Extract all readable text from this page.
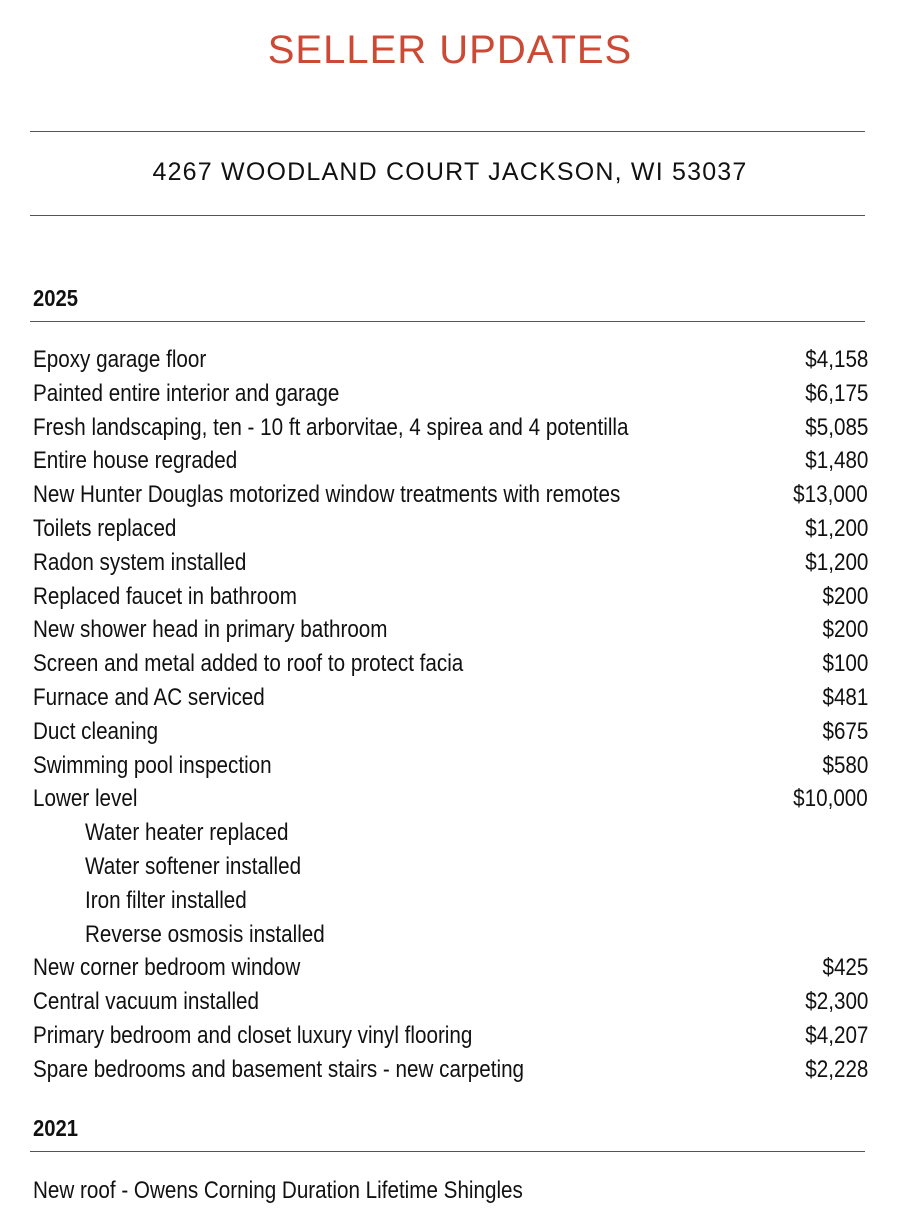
SELLER UPDATES

4267 WOODLAND COURT JACKSON, WI 53037

2025
Epoxy garage floor	$4,158
Painted entire interior and garage	$6,175
Fresh landscaping, ten - 10 ft arborvitae, 4 spirea and 4 potentilla	$5,085
Entire house regraded	$1,480
New Hunter Douglas motorized window treatments with remotes	$13,000
Toilets replaced	$1,200
Radon system installed	$1,200
Replaced faucet in bathroom	$200
New shower head in primary bathroom	$200
Screen and metal added to roof to protect facia	$100
Furnace and AC serviced	$481
Duct cleaning	$675
Swimming pool inspection	$580
Lower level	$10,000
Water heater replaced
Water softener installed
Iron filter installed
Reverse osmosis installed
New corner bedroom window	$425
Central vacuum installed	$2,300
Primary bedroom and closet luxury vinyl flooring	$4,207
Spare bedrooms and basement stairs - new carpeting	$2,228
2021
New roof - Owens Corning Duration Lifetime Shingles
